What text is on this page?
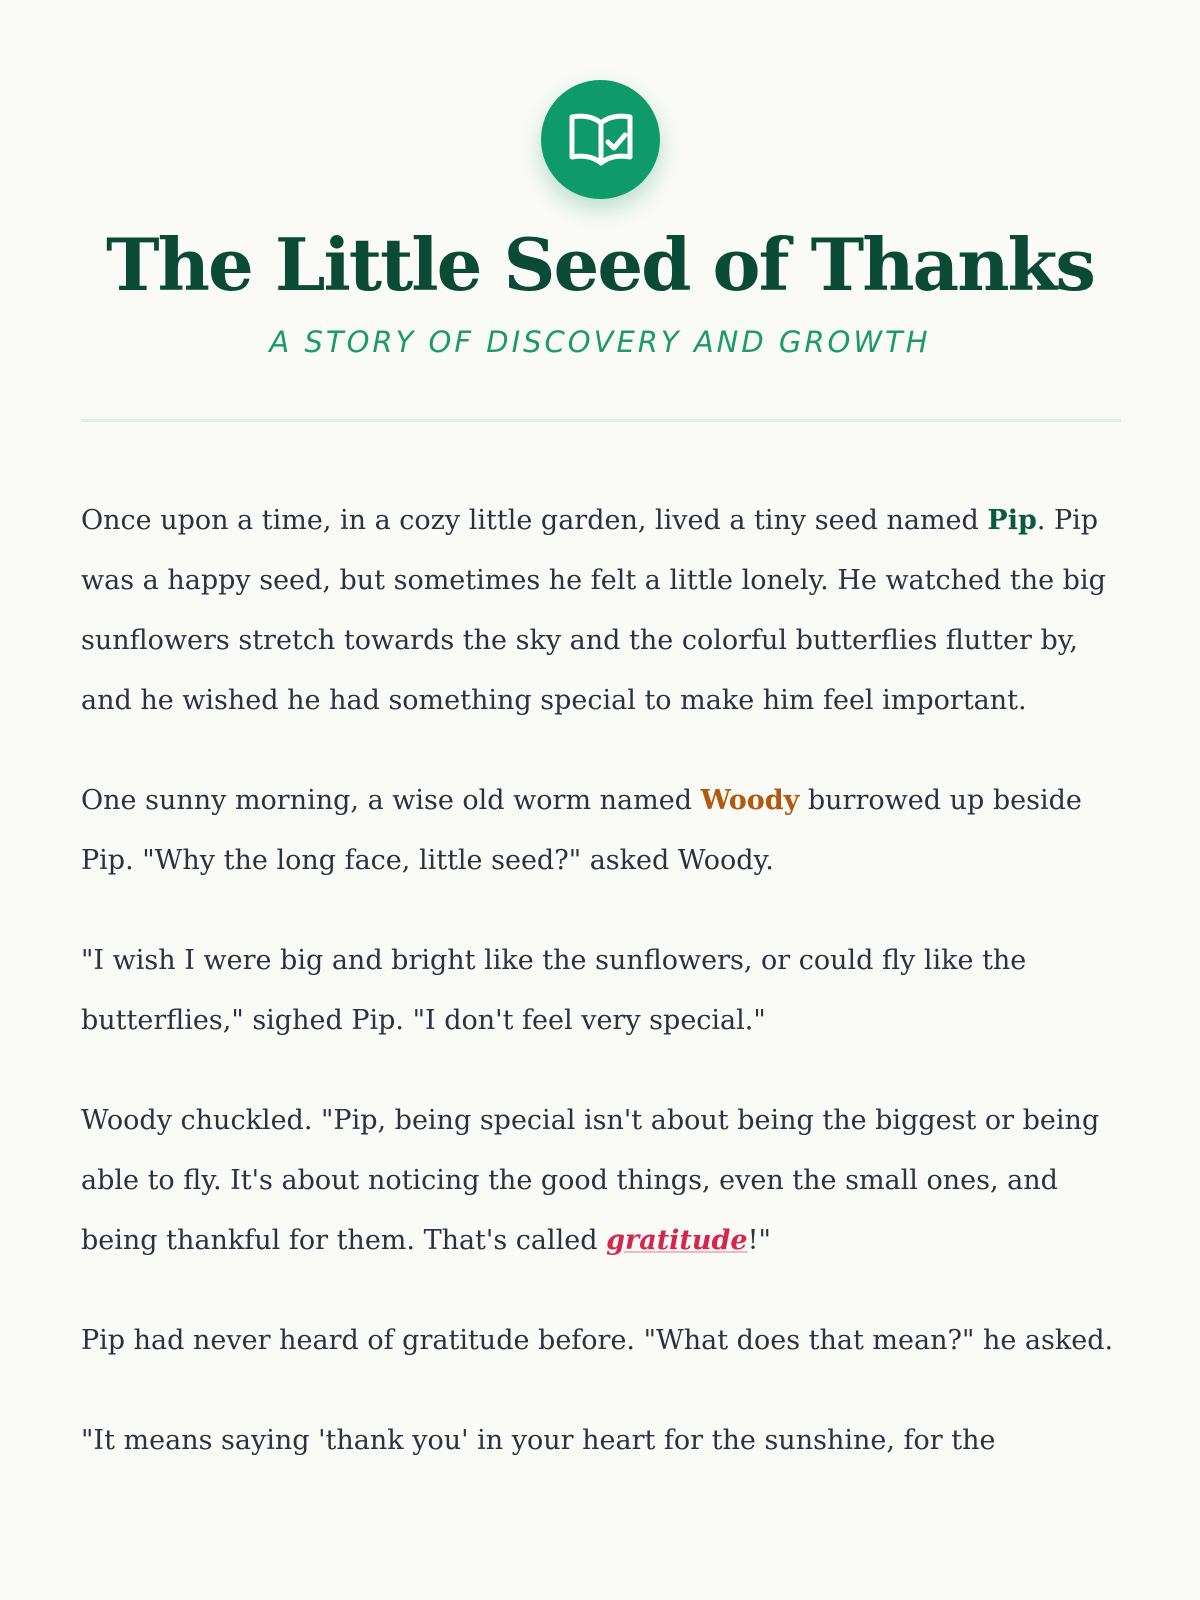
The Little Seed of Thanks
A STORY OF DISCOVERY AND GROWTH

Once upon a time, in a cozy little garden, lived a tiny seed named Pip. Pip was a happy seed, but sometimes he felt a little lonely. He watched the big sunflowers stretch towards the sky and the colorful butterflies flutter by, and he wished he had something special to make him feel important.

One sunny morning, a wise old worm named Woody burrowed up beside Pip. "Why the long face, little seed?" asked Woody.

"I wish I were big and bright like the sunflowers, or could fly like the butterflies," sighed Pip. "I don't feel very special."

Woody chuckled. "Pip, being special isn't about being the biggest or being able to fly. It's about noticing the good things, even the small ones, and being thankful for them. That's called gratitude!"

Pip had never heard of gratitude before. "What does that mean?" he asked.

"It means saying 'thank you' in your heart for the sunshine, for the
